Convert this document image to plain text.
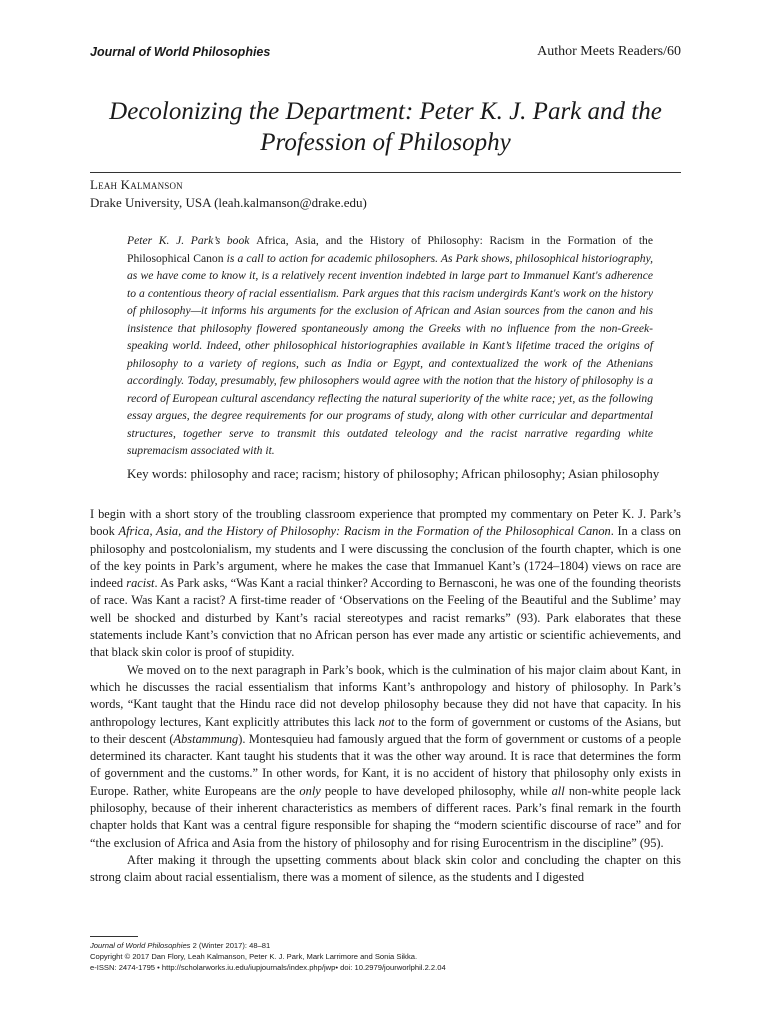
Journal of World Philosophies	Author Meets Readers/60
Decolonizing the Department: Peter K. J. Park and the
Profession of Philosophy
Leah Kalmanson
Drake University, USA (leah.kalmanson@drake.edu)
Peter K. J. Park’s book Africa, Asia, and the History of Philosophy: Racism in the Formation of the Philosophical Canon is a call to action for academic philosophers. As Park shows, philosophical historiography, as we have come to know it, is a relatively recent invention indebted in large part to Immanuel Kant's adherence to a contentious theory of racial essentialism. Park argues that this racism undergirds Kant's work on the history of philosophy—it informs his arguments for the exclusion of African and Asian sources from the canon and his insistence that philosophy flowered spontaneously among the Greeks with no influence from the non-Greek-speaking world. Indeed, other philosophical historiographies available in Kant’s lifetime traced the origins of philosophy to a variety of regions, such as India or Egypt, and contextualized the work of the Athenians accordingly. Today, presumably, few philosophers would agree with the notion that the history of philosophy is a record of European cultural ascendancy reflecting the natural superiority of the white race; yet, as the following essay argues, the degree requirements for our programs of study, along with other curricular and departmental structures, together serve to transmit this outdated teleology and the racist narrative regarding white supremacism associated with it.
Key words: philosophy and race; racism; history of philosophy; African philosophy; Asian philosophy

I begin with a short story of the troubling classroom experience that prompted my commentary on Peter K. J. Park’s book Africa, Asia, and the History of Philosophy: Racism in the Formation of the Philosophical Canon. In a class on philosophy and postcolonialism, my students and I were discussing the conclusion of the fourth chapter, which is one of the key points in Park’s argument, where he makes the case that Immanuel Kant’s (1724–1804) views on race are indeed racist. As Park asks, “Was Kant a racial thinker? According to Bernasconi, he was one of the founding theorists of race. Was Kant a racist? A first-time reader of ‘Observations on the Feeling of the Beautiful and the Sublime’ may well be shocked and disturbed by Kant’s racial stereotypes and racist remarks” (93). Park elaborates that these statements include Kant’s conviction that no African person has ever made any artistic or scientific achievements, and that black skin color is proof of stupidity.

We moved on to the next paragraph in Park’s book, which is the culmination of his major claim about Kant, in which he discusses the racial essentialism that informs Kant’s anthropology and history of philosophy. In Park’s words, “Kant taught that the Hindu race did not develop philosophy because they did not have that capacity. In his anthropology lectures, Kant explicitly attributes this lack not to the form of government or customs of the Asians, but to their descent (Abstammung). Montesquieu had famously argued that the form of government or customs of a people determined its character. Kant taught his students that it was the other way around. It is race that determines the form of government and the customs.” In other words, for Kant, it is no accident of history that philosophy only exists in Europe. Rather, white Europeans are the only people to have developed philosophy, while all non-white people lack philosophy, because of their inherent characteristics as members of different races. Park’s final remark in the fourth chapter holds that Kant was a central figure responsible for shaping the “modern scientific discourse of race” and for “the exclusion of Africa and Asia from the history of philosophy and for rising Eurocentrism in the discipline” (95).

After making it through the upsetting comments about black skin color and concluding the chapter on this strong claim about racial essentialism, there was a moment of silence, as the students and I digested

Journal of World Philosophies 2 (Winter 2017): 48–81
Copyright © 2017 Dan Flory, Leah Kalmanson, Peter K. J. Park, Mark Larrimore and Sonia Sikka.
e-ISSN: 2474-1795 • http://scholarworks.iu.edu/iupjournals/index.php/jwp• doi: 10.2979/jourworlphil.2.2.04
